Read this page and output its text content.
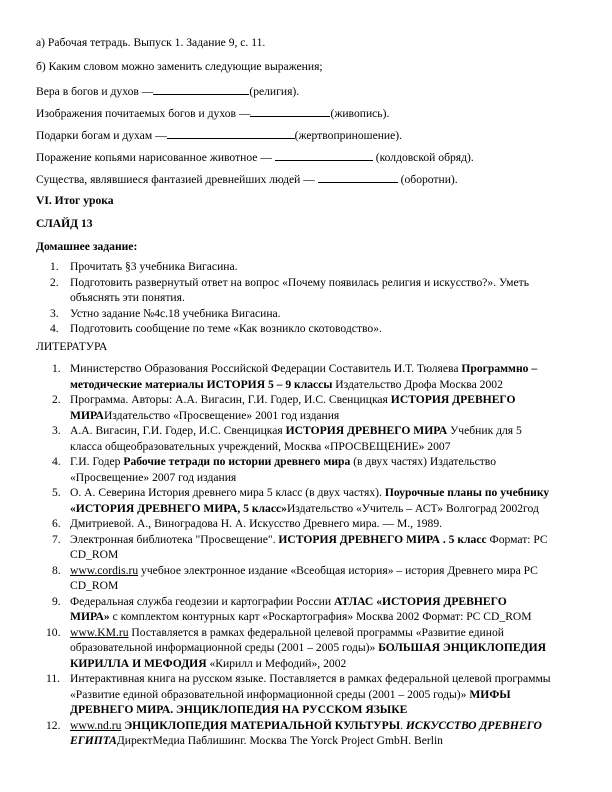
а) Рабочая тетрадь. Выпуск 1. Задание 9, с. 11.

б) Каким словом можно заменить следующие выражения;

Вера в богов и духов —	(религия).

Изображения почитаемых богов и духов —	(живопись).

Подарки богам и духам —	(жертвоприношение).

Поражение копьями нарисованное животное —	(колдовской обряд).

Существа, являвшиеся фантазией древнейших людей —	(оборотни).

VI. Итог урока

СЛАЙД 13

Домашнее задание:

1. Прочитать §3 учебника Вигасина.
2. Подготовить развернутый ответ на вопрос «Почему появилась религия и искусство?». Уметь
объяснять эти понятия.
3. Устно задание №4с.18 учебника Вигасина.
4. Подготовить сообщение по теме «Как возникло скотоводство».

ЛИТЕРАТУРА

1. Министерство Образования Российской Федерации Составитель И.Т. Тюляева Программно –
методические материалы ИСТОРИЯ 5 – 9 классы Издательство Дрофа Москва 2002
2. Программа. Авторы: А.А. Вигасин, Г.И. Годер, И.С. Свенцицкая ИСТОРИЯ ДРЕВНЕГО
МИРАИздательство «Просвещение» 2001 год издания
3. А.А. Вигасин, Г.И. Годер, И.С. Свенцицкая ИСТОРИЯ ДРЕВНЕГО МИРА Учебник для 5
класса общеобразовательных учреждений, Москва «ПРОСВЕЩЕНИЕ» 2007
4. Г.И. Годер Рабочие тетради по истории древнего мира (в двух частях) Издательство
«Просвещение» 2007 год издания
5. О. А. Северина История древнего мира 5 класс (в двух частях). Поурочные планы по учебнику
«ИСТОРИЯ ДРЕВНЕГО МИРА, 5 класс»Издательство «Учитель – АСТ» Волгоград 2002год
6. Дмитриевой. А., Виноградова Н. А. Искусство Древнего мира. — М., 1989.
7. Электронная библиотека "Просвещение". ИСТОРИЯ ДРЕВНЕГО МИРА . 5 класс Формат: PC
CD_ROM
8. www.cordis.ru учебное электронное издание «Всеобщая история» – история Древнего мира PC
CD_ROM
9. Федеральная служба геодезии и картографии России АТЛАС «ИСТОРИЯ ДРЕВНЕГО
МИРА» с комплектом контурных карт «Роскартография» Москва 2002 Формат: PC CD_ROM
10. www.KM.ru Поставляется в рамках федеральной целевой программы «Развитие единой
образовательной информационной среды (2001 – 2005 годы)» БОЛЬШАЯ ЭНЦИКЛОПЕДИЯ
КИРИЛЛА И МЕФОДИЯ «Кирилл и Мефодий», 2002
11. Интерактивная книга на русском языке. Поставляется в рамках федеральной целевой программы
«Развитие единой образовательной информационной среды (2001 – 2005 годы)» МИФЫ
ДРЕВНЕГО МИРА. ЭНЦИКЛОПЕДИЯ НА РУССКОМ ЯЗЫКЕ
12. www.nd.ru ЭНЦИКЛОПЕДИЯ МАТЕРИАЛЬНОЙ КУЛЬТУРЫ. ИСКУССТВО ДРЕВНЕГО
ЕГИПТАДиректМедиа Паблишинг. Москва The Yorck Project GmbH. Berlin
